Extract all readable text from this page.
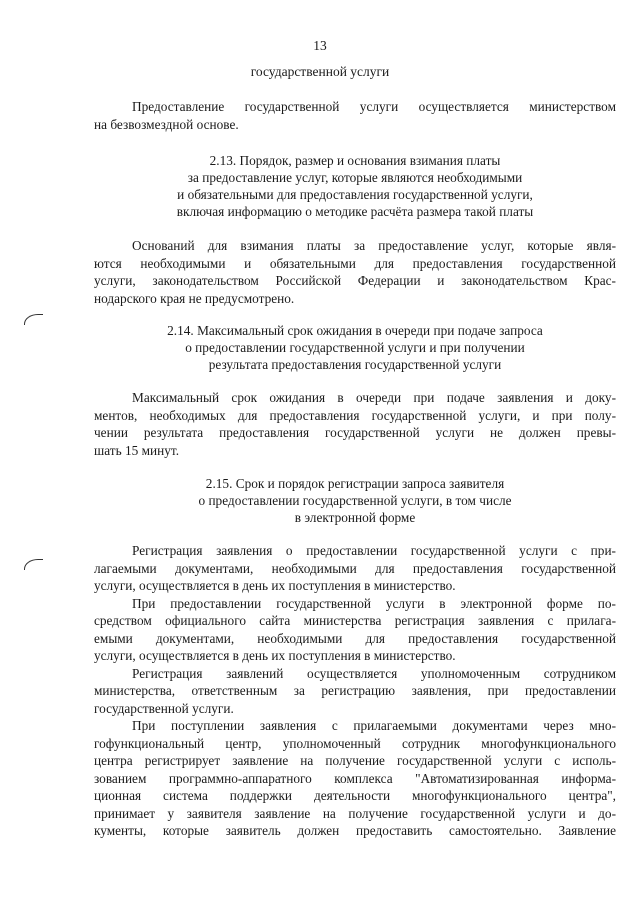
13
государственной услуги
Предоставление государственной услуги осуществляется министерством
на безвозмездной основе.
2.13. Порядок, размер и основания взимания платы
за предоставление услуг, которые являются необходимыми
и обязательными для предоставления государственной услуги,
включая информацию о методике расчёта размера такой платы
Оснований для взимания платы за предоставление услуг, которые явля-
ются необходимыми и обязательными для предоставления государственной
услуги, законодательством Российской Федерации и законодательством Крас-
нодарского края не предусмотрено.
2.14. Максимальный срок ожидания в очереди при подаче запроса
о предоставлении государственной услуги и при получении
результата предоставления государственной услуги
Максимальный срок ожидания в очереди при подаче заявления и доку-
ментов, необходимых для предоставления государственной услуги, и при полу-
чении результата предоставления государственной услуги не должен превы-
шать 15 минут.
2.15. Срок и порядок регистрации запроса заявителя
о предоставлении государственной услуги, в том числе
в электронной форме
Регистрация заявления о предоставлении государственной услуги с при-
лагаемыми документами, необходимыми для предоставления государственной
услуги, осуществляется в день их поступления в министерство.
При предоставлении государственной услуги в электронной форме по-
средством официального сайта министерства регистрация заявления с прилага-
емыми документами, необходимыми для предоставления государственной
услуги, осуществляется в день их поступления в министерство.
Регистрация заявлений осуществляется уполномоченным сотрудником
министерства, ответственным за регистрацию заявления, при предоставлении
государственной услуги.
При поступлении заявления с прилагаемыми документами через мно-
гофункциональный центр, уполномоченный сотрудник многофункционального
центра регистрирует заявление на получение государственной услуги с исполь-
зованием программно-аппаратного комплекса "Автоматизированная информа-
ционная система поддержки деятельности многофункционального центра",
принимает у заявителя заявление на получение государственной услуги и до-
кументы, которые заявитель должен предоставить самостоятельно. Заявление
